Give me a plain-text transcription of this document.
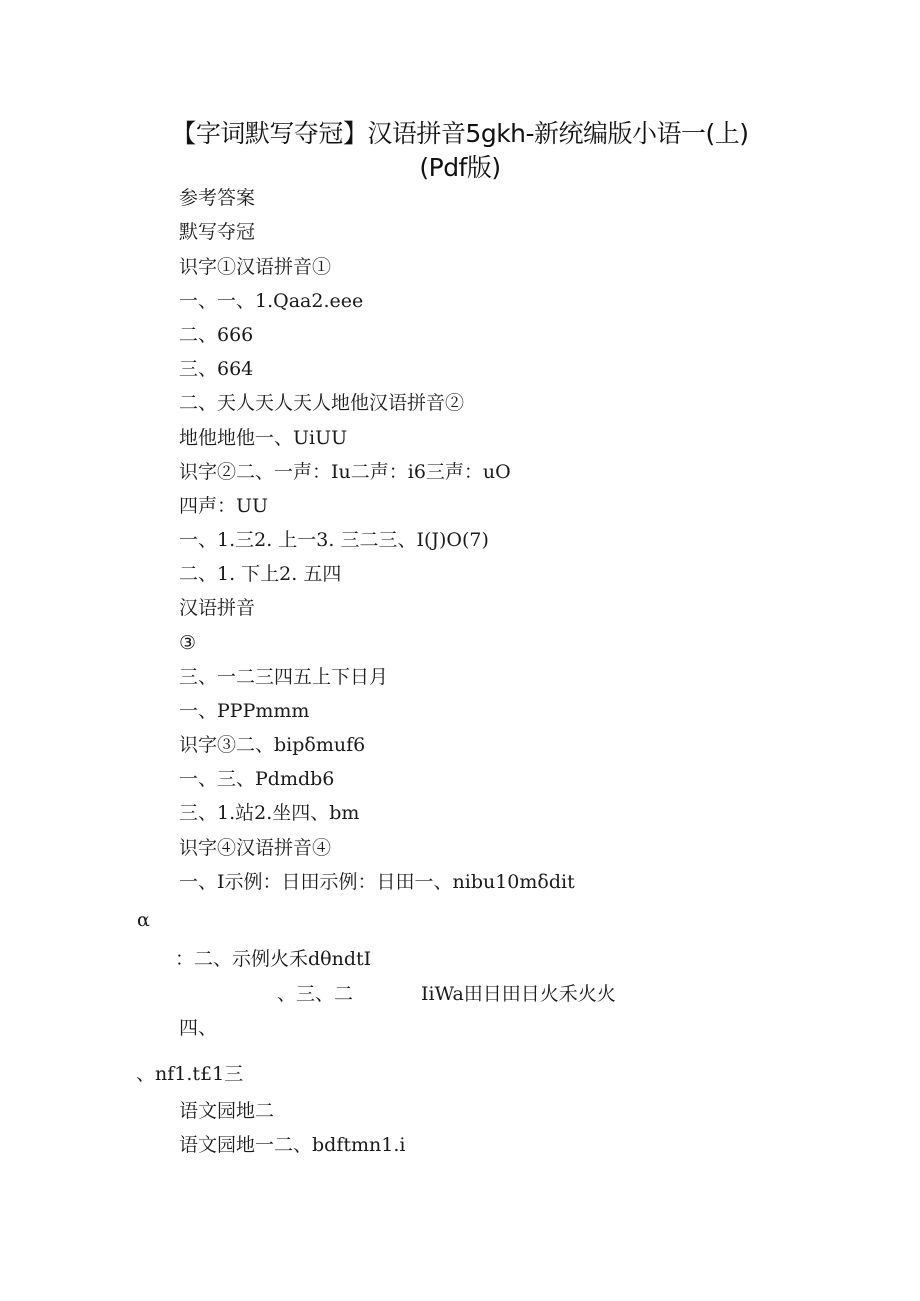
【字词默写夺冠】汉语拼音5gkh-新统编版小语一(上)
(Pdf版)
参考答案
默写夺冠
识字①汉语拼音①
一、一、1.Qaa2.eee
二、666
三、664
二、天人天人天人地他汉语拼音②
地他地他一、UiUU
识字②二、一声：Iu二声：i6三声：uO
四声：UU
一、1.三2. 上一3. 三二三、I(J)O(7)
二、1. 下上2. 五四
汉语拼音
③
三、一二三四五上下日月
一、PPPmmm
识字③二、bipδmuf6
一、三、Pdmdb6
三、1.站2.坐四、bm
识字④汉语拼音④
一、I示例：日田示例：日田一、nibu10mδdit
α
：二、示例火禾dθndtI
、三、二	IiWa田日田日火禾火火
四、
、nf1.t£1三
语文园地二
语文园地一二、bdftmn1.i
